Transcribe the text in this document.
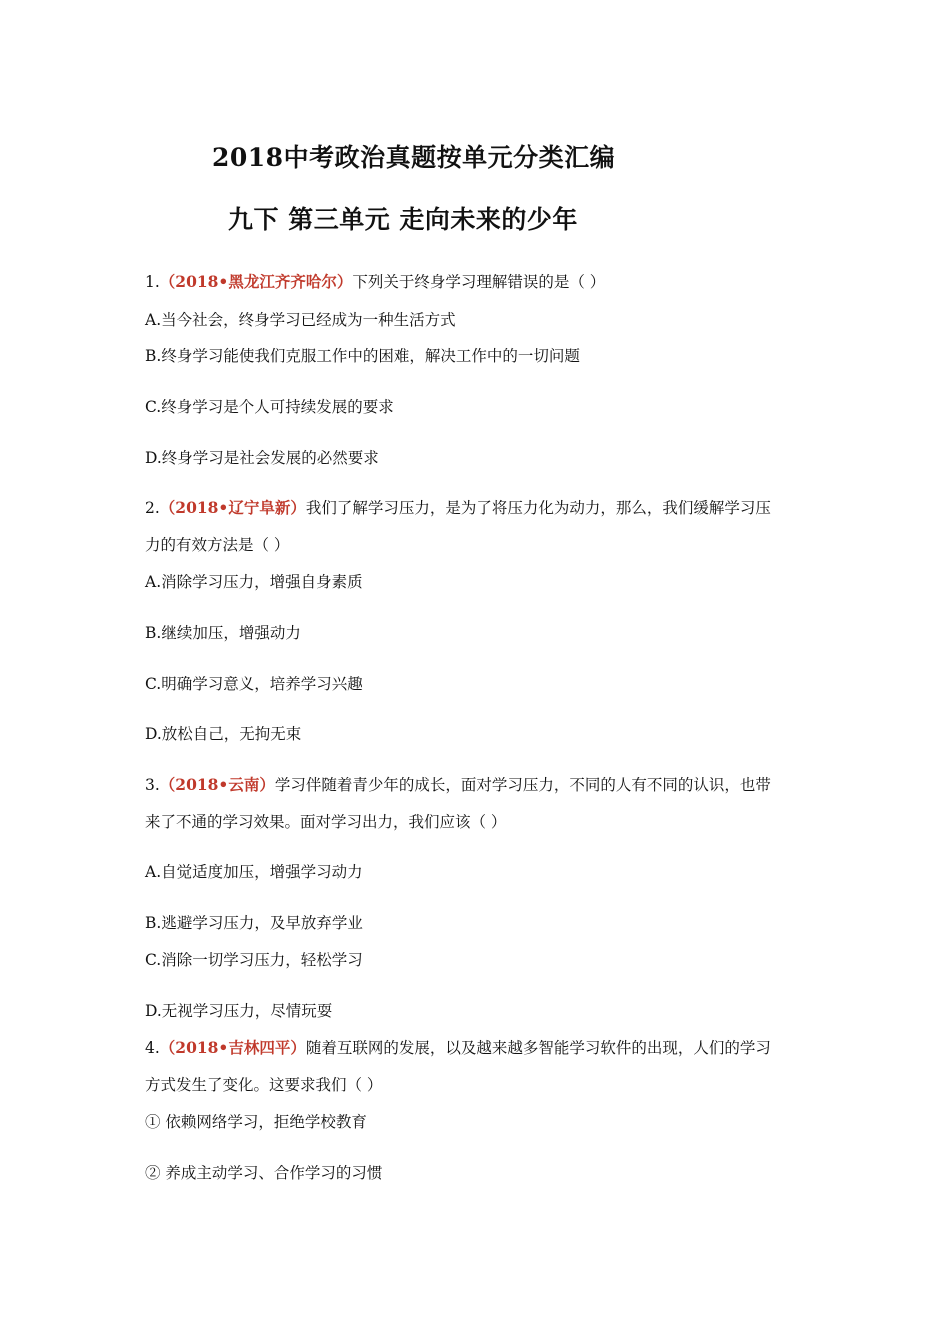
2018中考政治真题按单元分类汇编
九下 第三单元 走向未来的少年

1.（2018•黑龙江齐齐哈尔）下列关于终身学习理解错误的是（ ）

A.当今社会，终身学习已经成为一种生活方式

B.终身学习能使我们克服工作中的困难，解决工作中的一切问题

C.终身学习是个人可持续发展的要求

D.终身学习是社会发展的必然要求

2.（2018•辽宁阜新）我们了解学习压力，是为了将压力化为动力，那么，我们缓解学习压

力的有效方法是（ ）

A.消除学习压力，增强自身素质

B.继续加压，增强动力

C.明确学习意义，培养学习兴趣

D.放松自己，无拘无束

3.（2018•云南）学习伴随着青少年的成长，面对学习压力，不同的人有不同的认识，也带

来了不通的学习效果。面对学习出力，我们应该（ ）

A.自觉适度加压，增强学习动力

B.逃避学习压力，及早放弃学业

C.消除一切学习压力，轻松学习

D.无视学习压力，尽情玩耍

4.（2018•吉林四平）随着互联网的发展，以及越来越多智能学习软件的出现，人们的学习

方式发生了变化。这要求我们（ ）

① 依赖网络学习，拒绝学校教育

② 养成主动学习、合作学习的习惯
